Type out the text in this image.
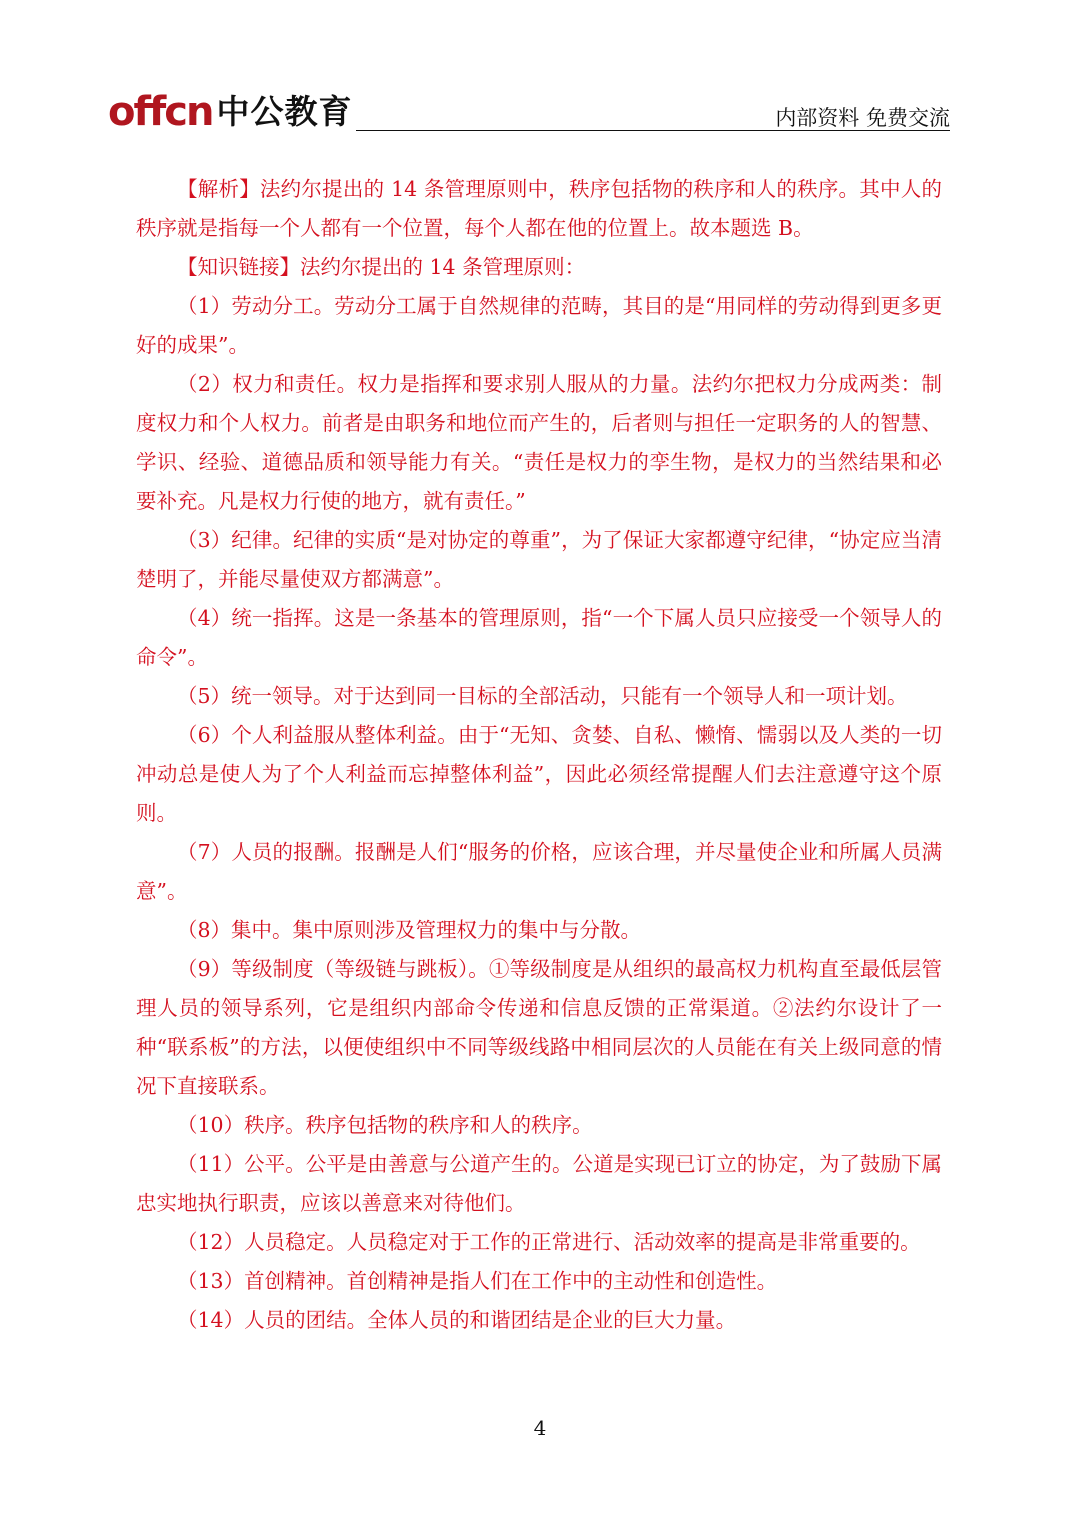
offcn 中公教育	内部资料 免费交流

【解析】法约尔提出的 14 条管理原则中，秩序包括物的秩序和人的秩序。其中人的秩序就是指每一个人都有一个位置，每个人都在他的位置上。故本题选 B。

【知识链接】法约尔提出的 14 条管理原则：

（1）劳动分工。劳动分工属于自然规律的范畴，其目的是“用同样的劳动得到更多更好的成果”。

（2）权力和责任。权力是指挥和要求别人服从的力量。法约尔把权力分成两类：制度权力和个人权力。前者是由职务和地位而产生的，后者则与担任一定职务的人的智慧、学识、经验、道德品质和领导能力有关。“责任是权力的孪生物，是权力的当然结果和必要补充。凡是权力行使的地方，就有责任。”

（3）纪律。纪律的实质“是对协定的尊重”，为了保证大家都遵守纪律，“协定应当清楚明了，并能尽量使双方都满意”。

（4）统一指挥。这是一条基本的管理原则，指“一个下属人员只应接受一个领导人的命令”。

（5）统一领导。对于达到同一目标的全部活动，只能有一个领导人和一项计划。

（6）个人利益服从整体利益。由于“无知、贪婪、自私、懒惰、懦弱以及人类的一切冲动总是使人为了个人利益而忘掉整体利益”，因此必须经常提醒人们去注意遵守这个原则。

（7）人员的报酬。报酬是人们“服务的价格，应该合理，并尽量使企业和所属人员满意”。

（8）集中。集中原则涉及管理权力的集中与分散。

（9）等级制度（等级链与跳板）。①等级制度是从组织的最高权力机构直至最低层管理人员的领导系列，它是组织内部命令传递和信息反馈的正常渠道。②法约尔设计了一种“联系板”的方法，以便使组织中不同等级线路中相同层次的人员能在有关上级同意的情况下直接联系。

（10）秩序。秩序包括物的秩序和人的秩序。

（11）公平。公平是由善意与公道产生的。公道是实现已订立的协定，为了鼓励下属忠实地执行职责，应该以善意来对待他们。

（12）人员稳定。人员稳定对于工作的正常进行、活动效率的提高是非常重要的。

（13）首创精神。首创精神是指人们在工作中的主动性和创造性。

（14）人员的团结。全体人员的和谐团结是企业的巨大力量。

4
